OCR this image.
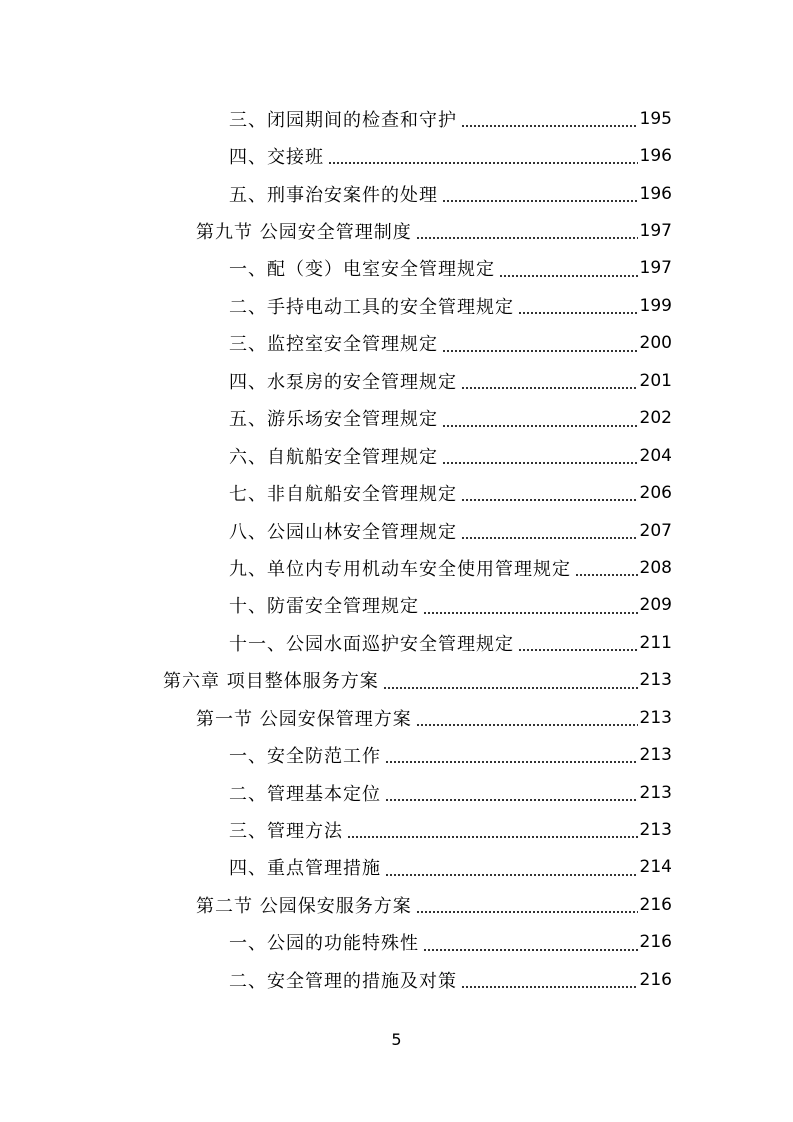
三、闭园期间的检查和守护	195
四、交接班	196
五、刑事治安案件的处理	196
第九节 公园安全管理制度	197
一、配（变）电室安全管理规定	197
二、手持电动工具的安全管理规定	199
三、监控室安全管理规定	200
四、水泵房的安全管理规定	201
五、游乐场安全管理规定	202
六、自航船安全管理规定	204
七、非自航船安全管理规定	206
八、公园山林安全管理规定	207
九、单位内专用机动车安全使用管理规定	208
十、防雷安全管理规定	209
十一、公园水面巡护安全管理规定	211
第六章 项目整体服务方案	213
第一节 公园安保管理方案	213
一、安全防范工作	213
二、管理基本定位	213
三、管理方法	213
四、重点管理措施	214
第二节 公园保安服务方案	216
一、公园的功能特殊性	216
二、安全管理的措施及对策	216
5
